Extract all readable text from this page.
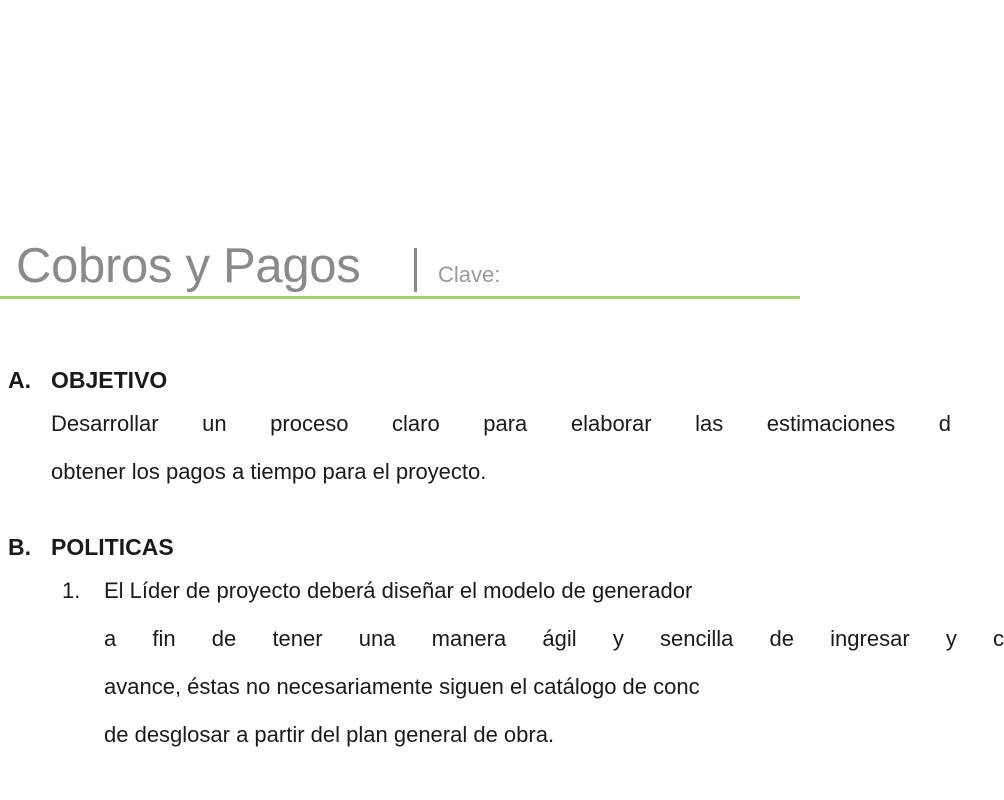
Cobros y Pagos	Clave:
A. OBJETIVO
Desarrollar un proceso claro para elaborar las estimaciones d
obtener los pagos a tiempo para el proyecto.
B. POLITICAS
1. El Líder de proyecto deberá diseñar el modelo de generador
a fin de tener una manera ágil y sencilla de ingresar y c
avance, éstas no necesariamente siguen el catálogo de conc
de desglosar a partir del plan general de obra.
